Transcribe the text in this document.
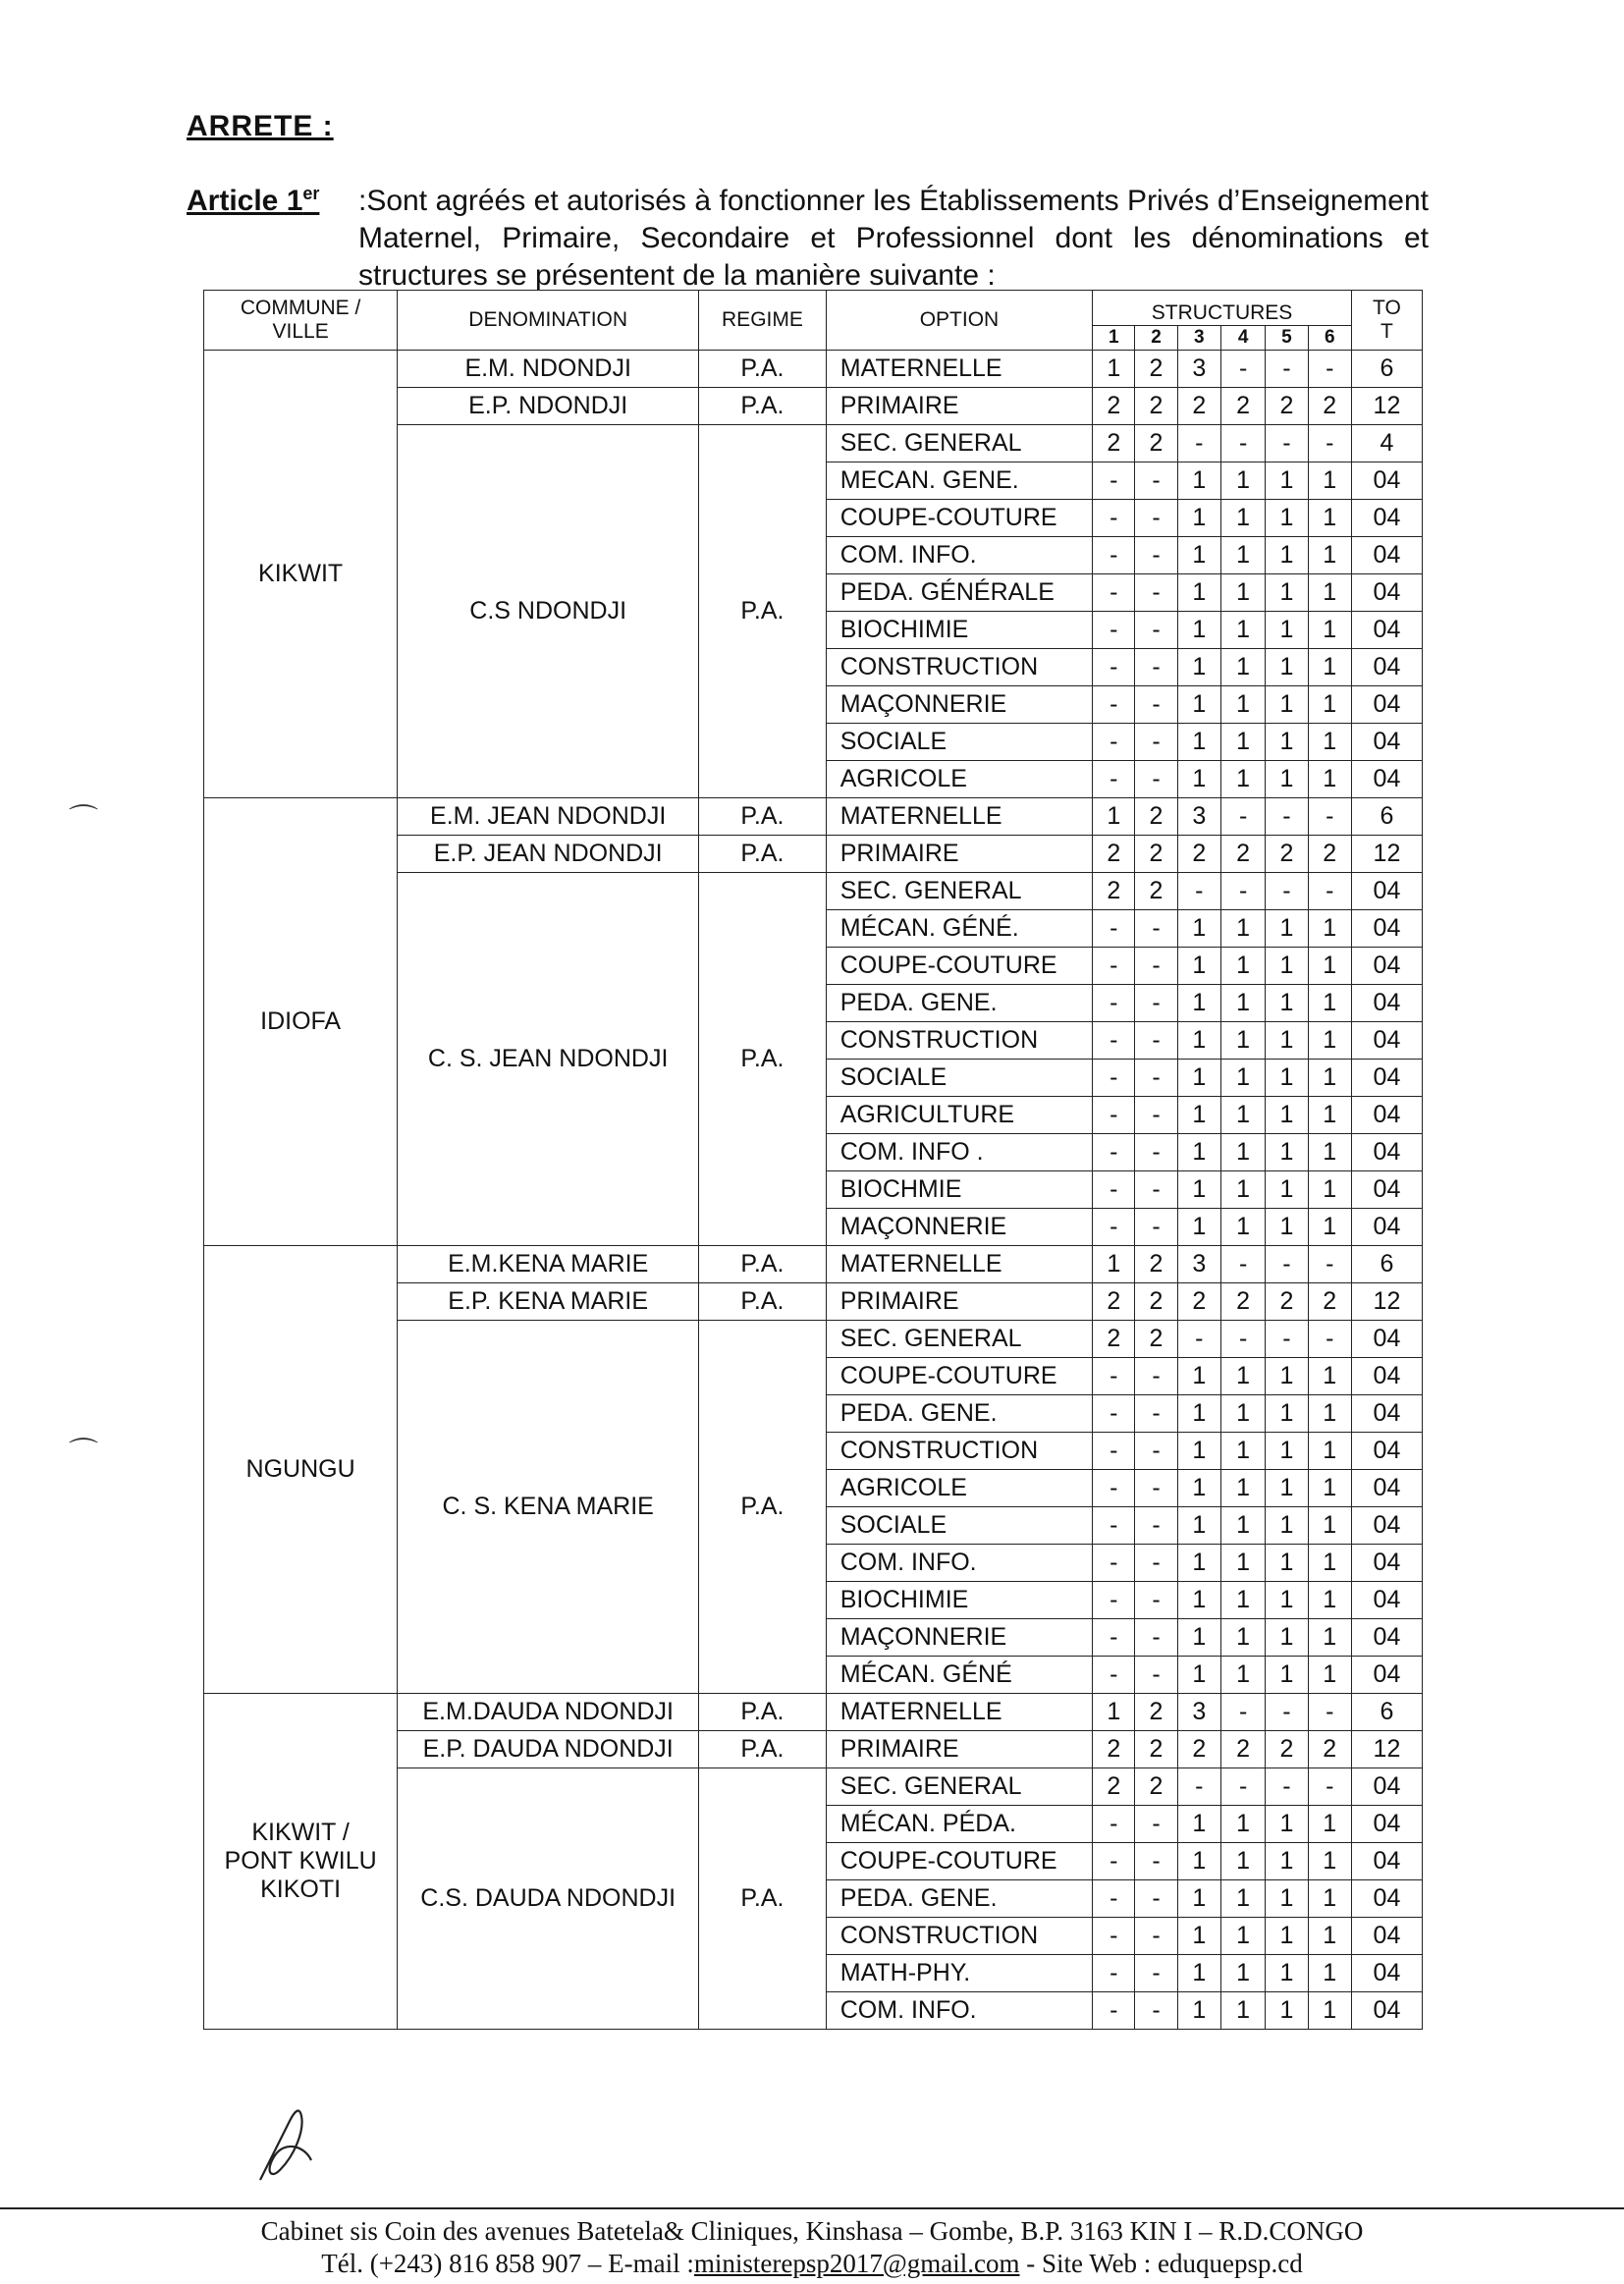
ARRETE :
Article 1er :Sont agréés et autorisés à fonctionner les Établissements Privés d’Enseignement Maternel, Primaire, Secondaire et Professionnel dont les dénominations et structures se présentent de la manière suivante :
COMMUNE /
VILLE	DENOMINATION	REGIME	OPTION	STRUCTURES						TO
T
				1	2	3	4	5	6	
KIKWIT	E.M. NDONDJI	P.A.	MATERNELLE	1	2	3	-	-	-	6
	E.P. NDONDJI	P.A.	PRIMAIRE	2	2	2	2	2	2	12
	C.S NDONDJI	P.A.	SEC. GENERAL	2	2	-	-	-	-	4
			MECAN. GENE.	-	-	1	1	1	1	04
			COUPE-COUTURE	-	-	1	1	1	1	04
			COM. INFO.	-	-	1	1	1	1	04
			PEDA. GÉNÉRALE	-	-	1	1	1	1	04
			BIOCHIMIE	-	-	1	1	1	1	04
			CONSTRUCTION	-	-	1	1	1	1	04
			MAÇONNERIE	-	-	1	1	1	1	04
			SOCIALE	-	-	1	1	1	1	04
			AGRICOLE	-	-	1	1	1	1	04
IDIOFA	E.M. JEAN NDONDJI	P.A.	MATERNELLE	1	2	3	-	-	-	6
	E.P. JEAN NDONDJI	P.A.	PRIMAIRE	2	2	2	2	2	2	12
	C. S. JEAN NDONDJI	P.A.	SEC. GENERAL	2	2	-	-	-	-	04
			MÉCAN. GÉNÉ.	-	-	1	1	1	1	04
			COUPE-COUTURE	-	-	1	1	1	1	04
			PEDA. GENE.	-	-	1	1	1	1	04
			CONSTRUCTION	-	-	1	1	1	1	04
			SOCIALE	-	-	1	1	1	1	04
			AGRICULTURE	-	-	1	1	1	1	04
			COM. INFO .	-	-	1	1	1	1	04
			BIOCHMIE	-	-	1	1	1	1	04
			MAÇONNERIE	-	-	1	1	1	1	04
NGUNGU	E.M.KENA MARIE	P.A.	MATERNELLE	1	2	3	-	-	-	6
	E.P. KENA MARIE	P.A.	PRIMAIRE	2	2	2	2	2	2	12
	C. S. KENA MARIE	P.A.	SEC. GENERAL	2	2	-	-	-	-	04
			COUPE-COUTURE	-	-	1	1	1	1	04
			PEDA. GENE.	-	-	1	1	1	1	04
			CONSTRUCTION	-	-	1	1	1	1	04
			AGRICOLE	-	-	1	1	1	1	04
			SOCIALE	-	-	1	1	1	1	04
			COM. INFO.	-	-	1	1	1	1	04
			BIOCHIMIE	-	-	1	1	1	1	04
			MAÇONNERIE	-	-	1	1	1	1	04
			MÉCAN. GÉNÉ	-	-	1	1	1	1	04
KIKWIT /
PONT KWILU
KIKOTI	E.M.DAUDA NDONDJI	P.A.	MATERNELLE	1	2	3	-	-	-	6
	E.P. DAUDA NDONDJI	P.A.	PRIMAIRE	2	2	2	2	2	2	12
	C.S. DAUDA NDONDJI	P.A.	SEC. GENERAL	2	2	-	-	-	-	04
			MÉCAN. PÉDA.	-	-	1	1	1	1	04
			COUPE-COUTURE	-	-	1	1	1	1	04
			PEDA. GENE.	-	-	1	1	1	1	04
			CONSTRUCTION	-	-	1	1	1	1	04
			MATH-PHY.	-	-	1	1	1	1	04
			COM. INFO.	-	-	1	1	1	1	04
⌒
⌒
Cabinet sis Coin des avenues Batetela& Cliniques, Kinshasa – Gombe, B.P. 3163 KIN I – R.D.CONGO
Tél. (+243) 816 858 907 – E-mail :ministerepsp2017@gmail.com - Site Web : eduquepsp.cd
